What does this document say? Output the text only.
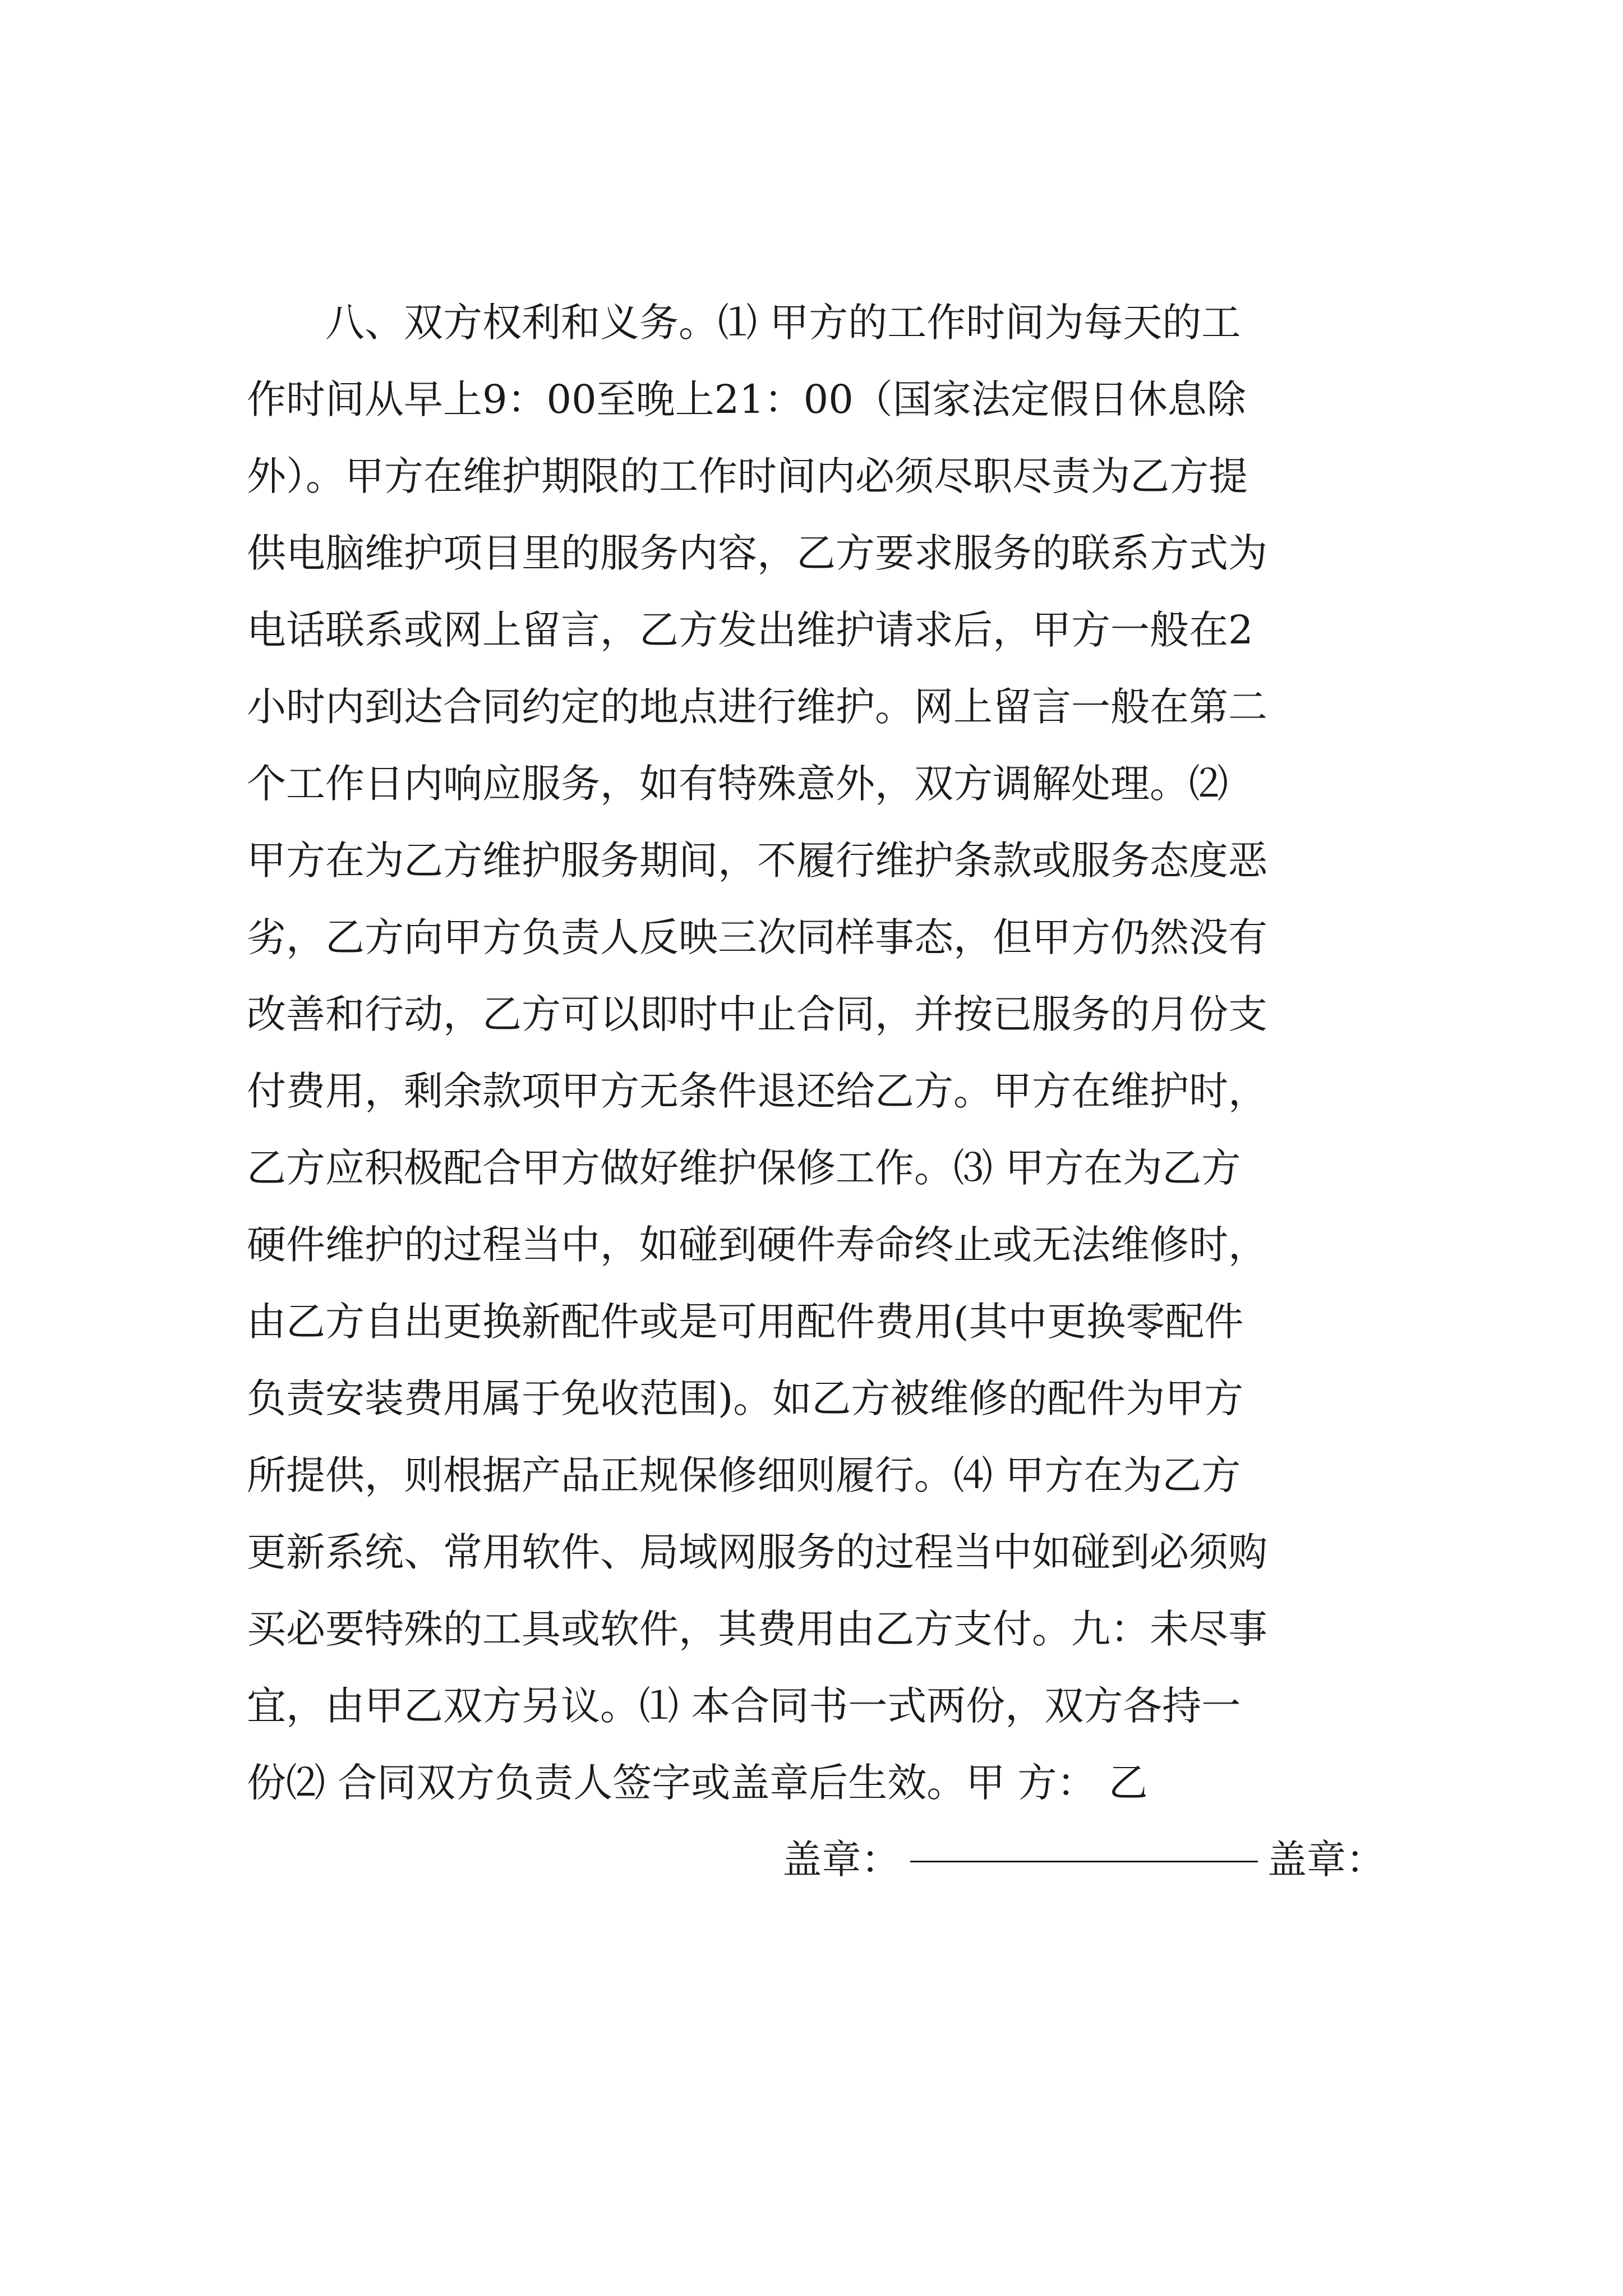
八、双方权利和义务。⑴ 甲方的工作时间为每天的工
作时间从早上9：00至晚上21：00（国家法定假日休息除
外）。甲方在维护期限的工作时间内必须尽职尽责为乙方提
供电脑维护项目里的服务内容，乙方要求服务的联系方式为
电话联系或网上留言，乙方发出维护请求后，甲方一般在2
小时内到达合同约定的地点进行维护。网上留言一般在第二
个工作日内响应服务，如有特殊意外，双方调解处理。⑵
甲方在为乙方维护服务期间，不履行维护条款或服务态度恶
劣，乙方向甲方负责人反映三次同样事态，但甲方仍然没有
改善和行动，乙方可以即时中止合同，并按已服务的月份支
付费用，剩余款项甲方无条件退还给乙方。甲方在维护时，
乙方应积极配合甲方做好维护保修工作。⑶ 甲方在为乙方
硬件维护的过程当中，如碰到硬件寿命终止或无法维修时，
由乙方自出更换新配件或是可用配件费用(其中更换零配件
负责安装费用属于免收范围)。如乙方被维修的配件为甲方
所提供，则根据产品正规保修细则履行。⑷ 甲方在为乙方
更新系统、常用软件、局域网服务的过程当中如碰到必须购
买必要特殊的工具或软件，其费用由乙方支付。九：未尽事
宜，由甲乙双方另议。⑴ 本合同书一式两份，双方各持一
份⑵ 合同双方负责人签字或盖章后生效。甲 方： 乙

盖章：	盖章：
